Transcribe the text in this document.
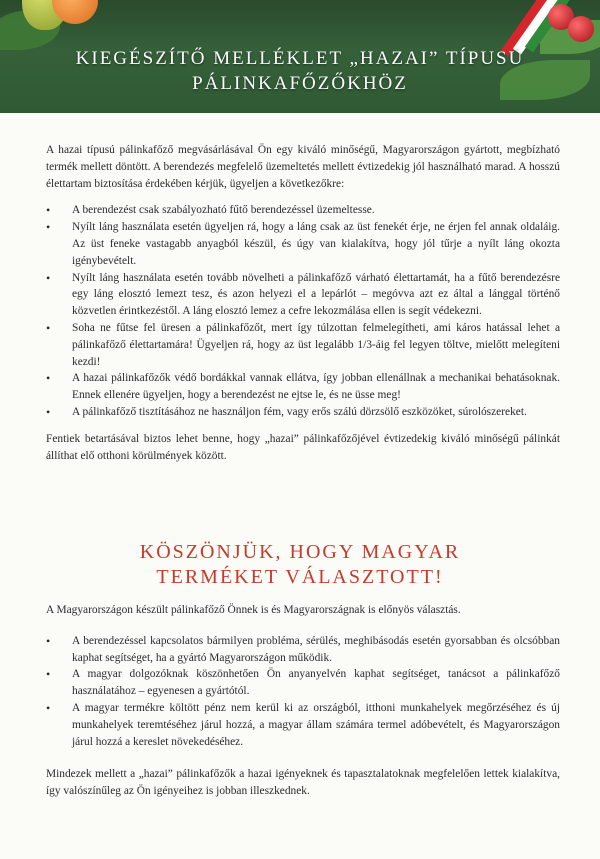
KIEGÉSZÍTŐ MELLÉKLET „HAZAI” TÍPUSÚ
PÁLINKAFŐZŐKHÖZ

A hazai típusú pálinkafőző megvásárlásával Ön egy kiváló minőségű, Magyarországon gyártott, megbízható termék mellett döntött. A berendezés megfelelő üzemeltetés mellett évtizedekig jól használható marad. A hosszú élettartam biztosítása érdekében kérjük, ügyeljen a következőkre:

• A berendezést csak szabályozható fűtő berendezéssel üzemeltesse.
• Nyílt láng használata esetén ügyeljen rá, hogy a láng csak az üst fenekét érje, ne érjen fel annak oldaláig. Az üst feneke vastagabb anyagból készül, és úgy van kialakítva, hogy jól tűrje a nyílt láng okozta igénybevételt.
• Nyílt láng használata esetén tovább növelheti a pálinkafőző várható élettartamát, ha a fűtő berendezésre egy láng elosztó lemezt tesz, és azon helyezi el a lepárlót – megóvva azt ez által a lánggal történő közvetlen érintkezéstől. A láng elosztó lemez a cefre lekozmálása ellen is segít védekezni.
• Soha ne fűtse fel üresen a pálinkafőzőt, mert így túlzottan felmelegítheti, ami káros hatással lehet a pálinkafőző élettartamára! Ügyeljen rá, hogy az üst legalább 1/3-áig fel legyen töltve, mielőtt melegíteni kezdi!
• A hazai pálinkafőzők védő bordákkal vannak ellátva, így jobban ellenállnak a mechanikai behatásoknak. Ennek ellenére ügyeljen, hogy a berendezést ne ejtse le, és ne üsse meg!
• A pálinkafőző tisztításához ne használjon fém, vagy erős szálú dörzsölő eszközöket, súrolószereket.

Fentiek betartásával biztos lehet benne, hogy „hazai” pálinkafőzőjével évtizedekig kiváló minőségű pálinkát állíthat elő otthoni körülmények között.

KÖSZÖNJÜK, HOGY MAGYAR
TERMÉKET VÁLASZTOTT!

A Magyarországon készült pálinkafőző Önnek is és Magyarországnak is előnyös választás.

• A berendezéssel kapcsolatos bármilyen probléma, sérülés, meghibásodás esetén gyorsabban és olcsóbban kaphat segítséget, ha a gyártó Magyarországon működik.
• A magyar dolgozóknak köszönhetően Ön anyanyelvén kaphat segítséget, tanácsot a pálinkafőző használatához – egyenesen a gyártótól.
• A magyar termékre költött pénz nem kerül ki az országból, itthoni munkahelyek megőrzéséhez és új munkahelyek teremtéséhez járul hozzá, a magyar állam számára termel adóbevételt, és Magyarországon járul hozzá a kereslet növekedéséhez.

Mindezek mellett a „hazai” pálinkafőzők a hazai igényeknek és tapasztalatoknak megfelelően lettek kialakítva, így valószínűleg az Ön igényeihez is jobban illeszkednek.
